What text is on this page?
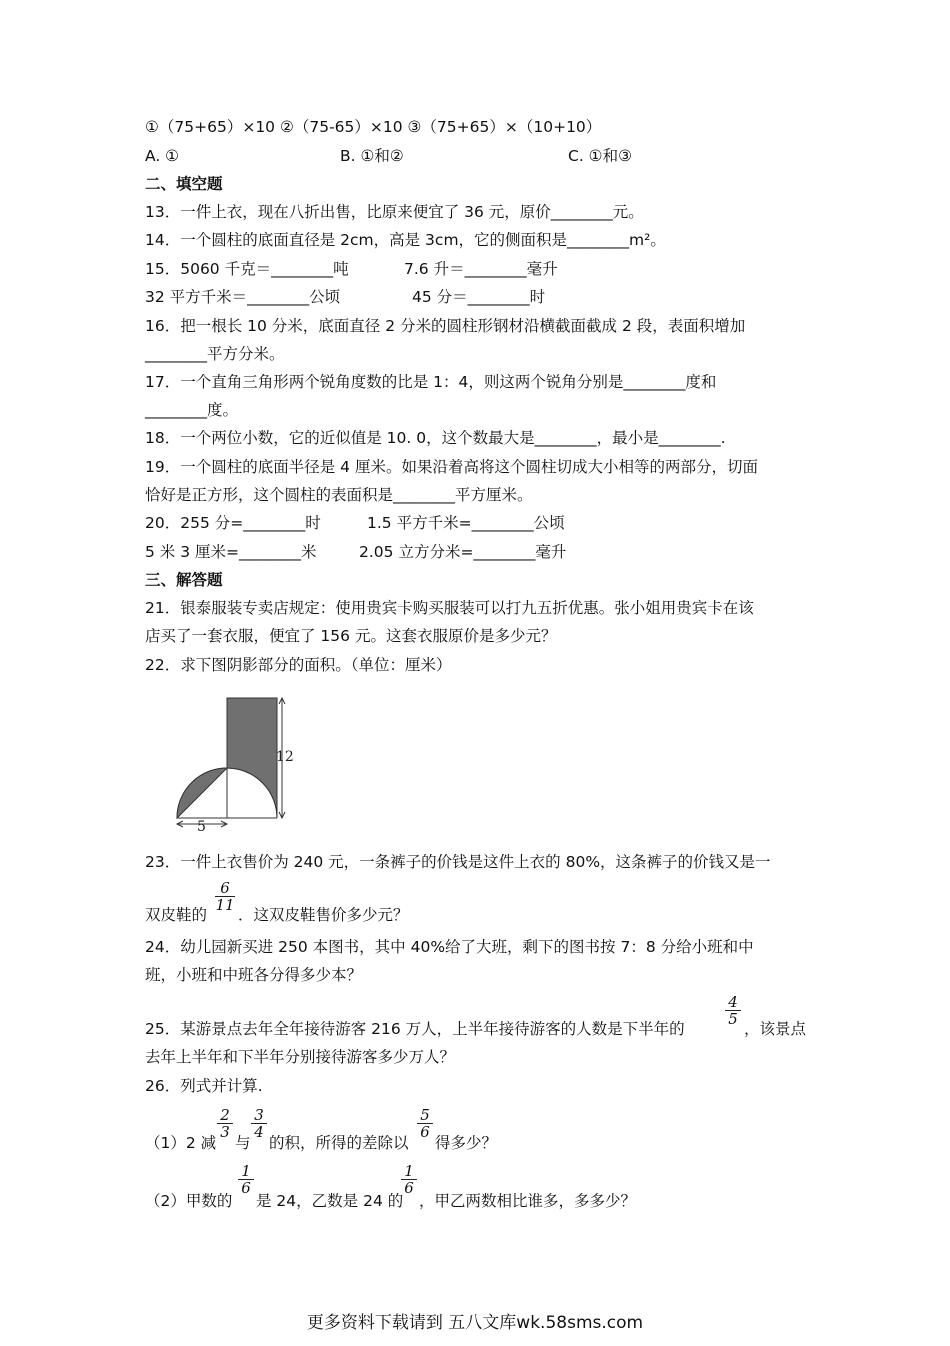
①（75+65）×10 ②（75-65）×10 ③（75+65）×（10+10）
A. ①	B. ①和②	C. ①和③
二、填空题
13．一件上衣，现在八折出售，比原来便宜了 36 元，原价________元。
14．一个圆柱的底面直径是 2cm，高是 3cm，它的侧面积是________m²。
15．5060 千克＝________吨	7.6 升＝________毫升
32 平方千米＝________公顷	45 分＝________时
16．把一根长 10 分米，底面直径 2 分米的圆柱形钢材沿横截面截成 2 段，表面积增加
________平方分米。
17．一个直角三角形两个锐角度数的比是 1：4，则这两个锐角分别是________度和
________度。
18．一个两位小数，它的近似值是 10. 0，这个数最大是________，最小是________.
19．一个圆柱的底面半径是 4 厘米。如果沿着高将这个圆柱切成大小相等的两部分，切面
恰好是正方形，这个圆柱的表面积是________平方厘米。
20．255 分=________时	1.5 平方千米=________公顷
5 米 3 厘米=________米	2.05 立方分米=________毫升
三、解答题
21．银泰服装专卖店规定：使用贵宾卡购买服装可以打九五折优惠。张小姐用贵宾卡在该
店买了一套衣服，便宜了 156 元。这套衣服原价是多少元？
22．求下图阴影部分的面积。（单位：厘米）
12
5
23．一件上衣售价为 240 元，一条裤子的价钱是这件上衣的 80%，这条裤子的价钱又是一
$\frac{6}{11}$
双皮鞋的 ．这双皮鞋售价多少元？
24．幼儿园新买进 250 本图书，其中 40%给了大班，剩下的图书按 7：8 分给小班和中
班，小班和中班各分得多少本？
$\frac{4}{5}$
25．某游景点去年全年接待游客 216 万人，上半年接待游客的人数是下半年的	，该景点
去年上半年和下半年分别接待游客多少万人？
26．列式并计算.
（1）2 减
$\frac{2}{3}$
与
$\frac{3}{4}$
的积，所得的差除以
$\frac{5}{6}$
得多少？
（2）甲数的
$\frac{1}{6}$
是 24，乙数是 24 的
$\frac{1}{6}$
，甲乙两数相比谁多，多多少？
更多资料下载请到 五八文库wk.58sms.com
